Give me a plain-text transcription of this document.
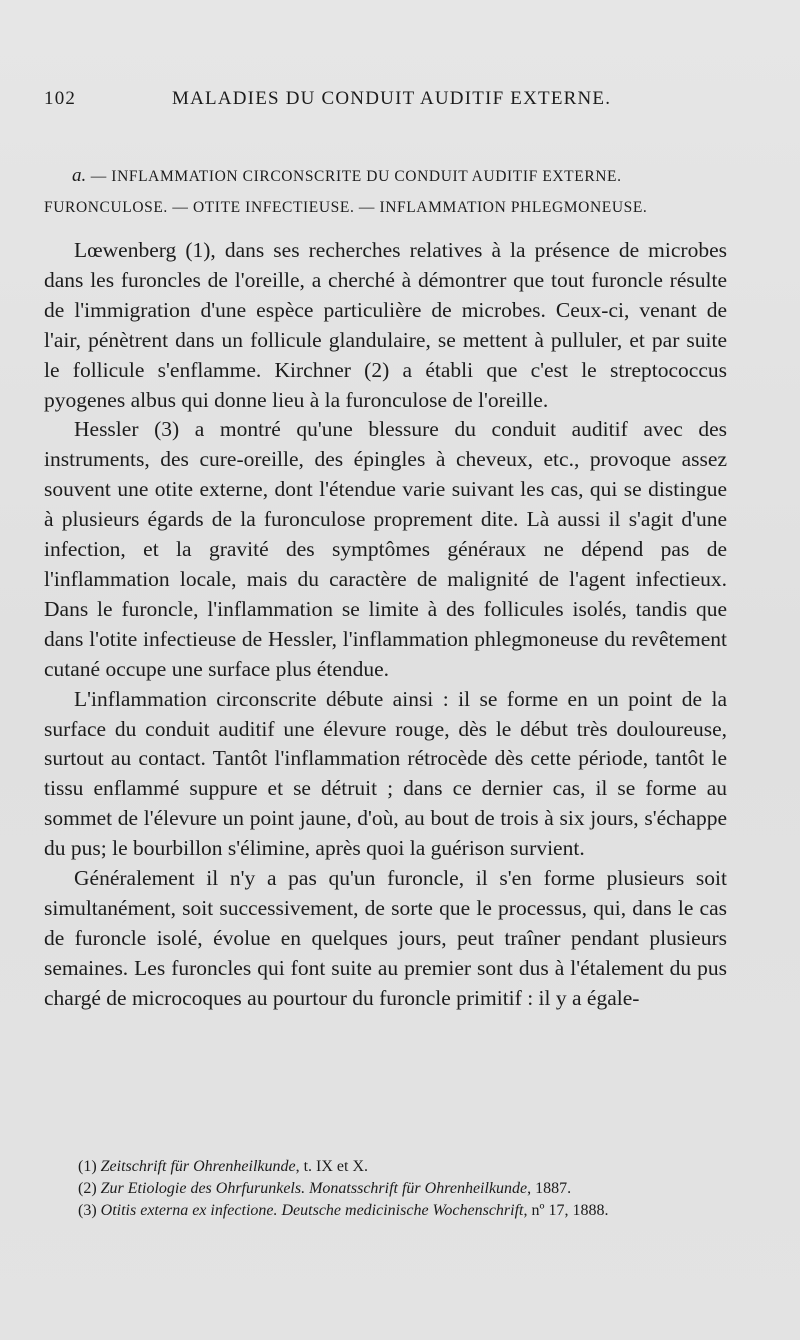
102	MALADIES DU CONDUIT AUDITIF EXTERNE.
a. — INFLAMMATION CIRCONSCRITE DU CONDUIT AUDITIF EXTERNE.
FURONCULOSE. — OTITE INFECTIEUSE. — INFLAMMATION PHLEGMONEUSE.

Lœwenberg (1), dans ses recherches relatives à la présence de microbes dans les furoncles de l'oreille, a cherché à démontrer que tout furoncle résulte de l'immigration d'une espèce particulière de microbes. Ceux-ci, venant de l'air, pénètrent dans un follicule glandulaire, se mettent à pulluler, et par suite le follicule s'enflamme. Kirchner (2) a établi que c'est le streptococcus pyogenes albus qui donne lieu à la furonculose de l'oreille.

Hessler (3) a montré qu'une blessure du conduit auditif avec des instruments, des cure-oreille, des épingles à cheveux, etc., provoque assez souvent une otite externe, dont l'étendue varie suivant les cas, qui se distingue à plusieurs égards de la furonculose proprement dite. Là aussi il s'agit d'une infection, et la gravité des symptômes généraux ne dépend pas de l'inflammation locale, mais du caractère de malignité de l'agent infectieux. Dans le furoncle, l'inflammation se limite à des follicules isolés, tandis que dans l'otite infectieuse de Hessler, l'inflammation phlegmoneuse du revêtement cutané occupe une surface plus étendue.

L'inflammation circonscrite débute ainsi : il se forme en un point de la surface du conduit auditif une élevure rouge, dès le début très douloureuse, surtout au contact. Tantôt l'inflammation rétrocède dès cette période, tantôt le tissu enflammé suppure et se détruit ; dans ce dernier cas, il se forme au sommet de l'élevure un point jaune, d'où, au bout de trois à six jours, s'échappe du pus; le bourbillon s'élimine, après quoi la guérison survient.

Généralement il n'y a pas qu'un furoncle, il s'en forme plusieurs soit simultanément, soit successivement, de sorte que le processus, qui, dans le cas de furoncle isolé, évolue en quelques jours, peut traîner pendant plusieurs semaines. Les furoncles qui font suite au premier sont dus à l'étalement du pus chargé de microcoques au pourtour du furoncle primitif : il y a égale-

(1) Zeitschrift für Ohrenheilkunde, t. IX et X.

(2) Zur Etiologie des Ohrfurunkels. Monatsschrift für Ohrenheilkunde, 1887.

(3) Otitis externa ex infectione. Deutsche medicinische Wochenschrift, nº 17, 1888.
